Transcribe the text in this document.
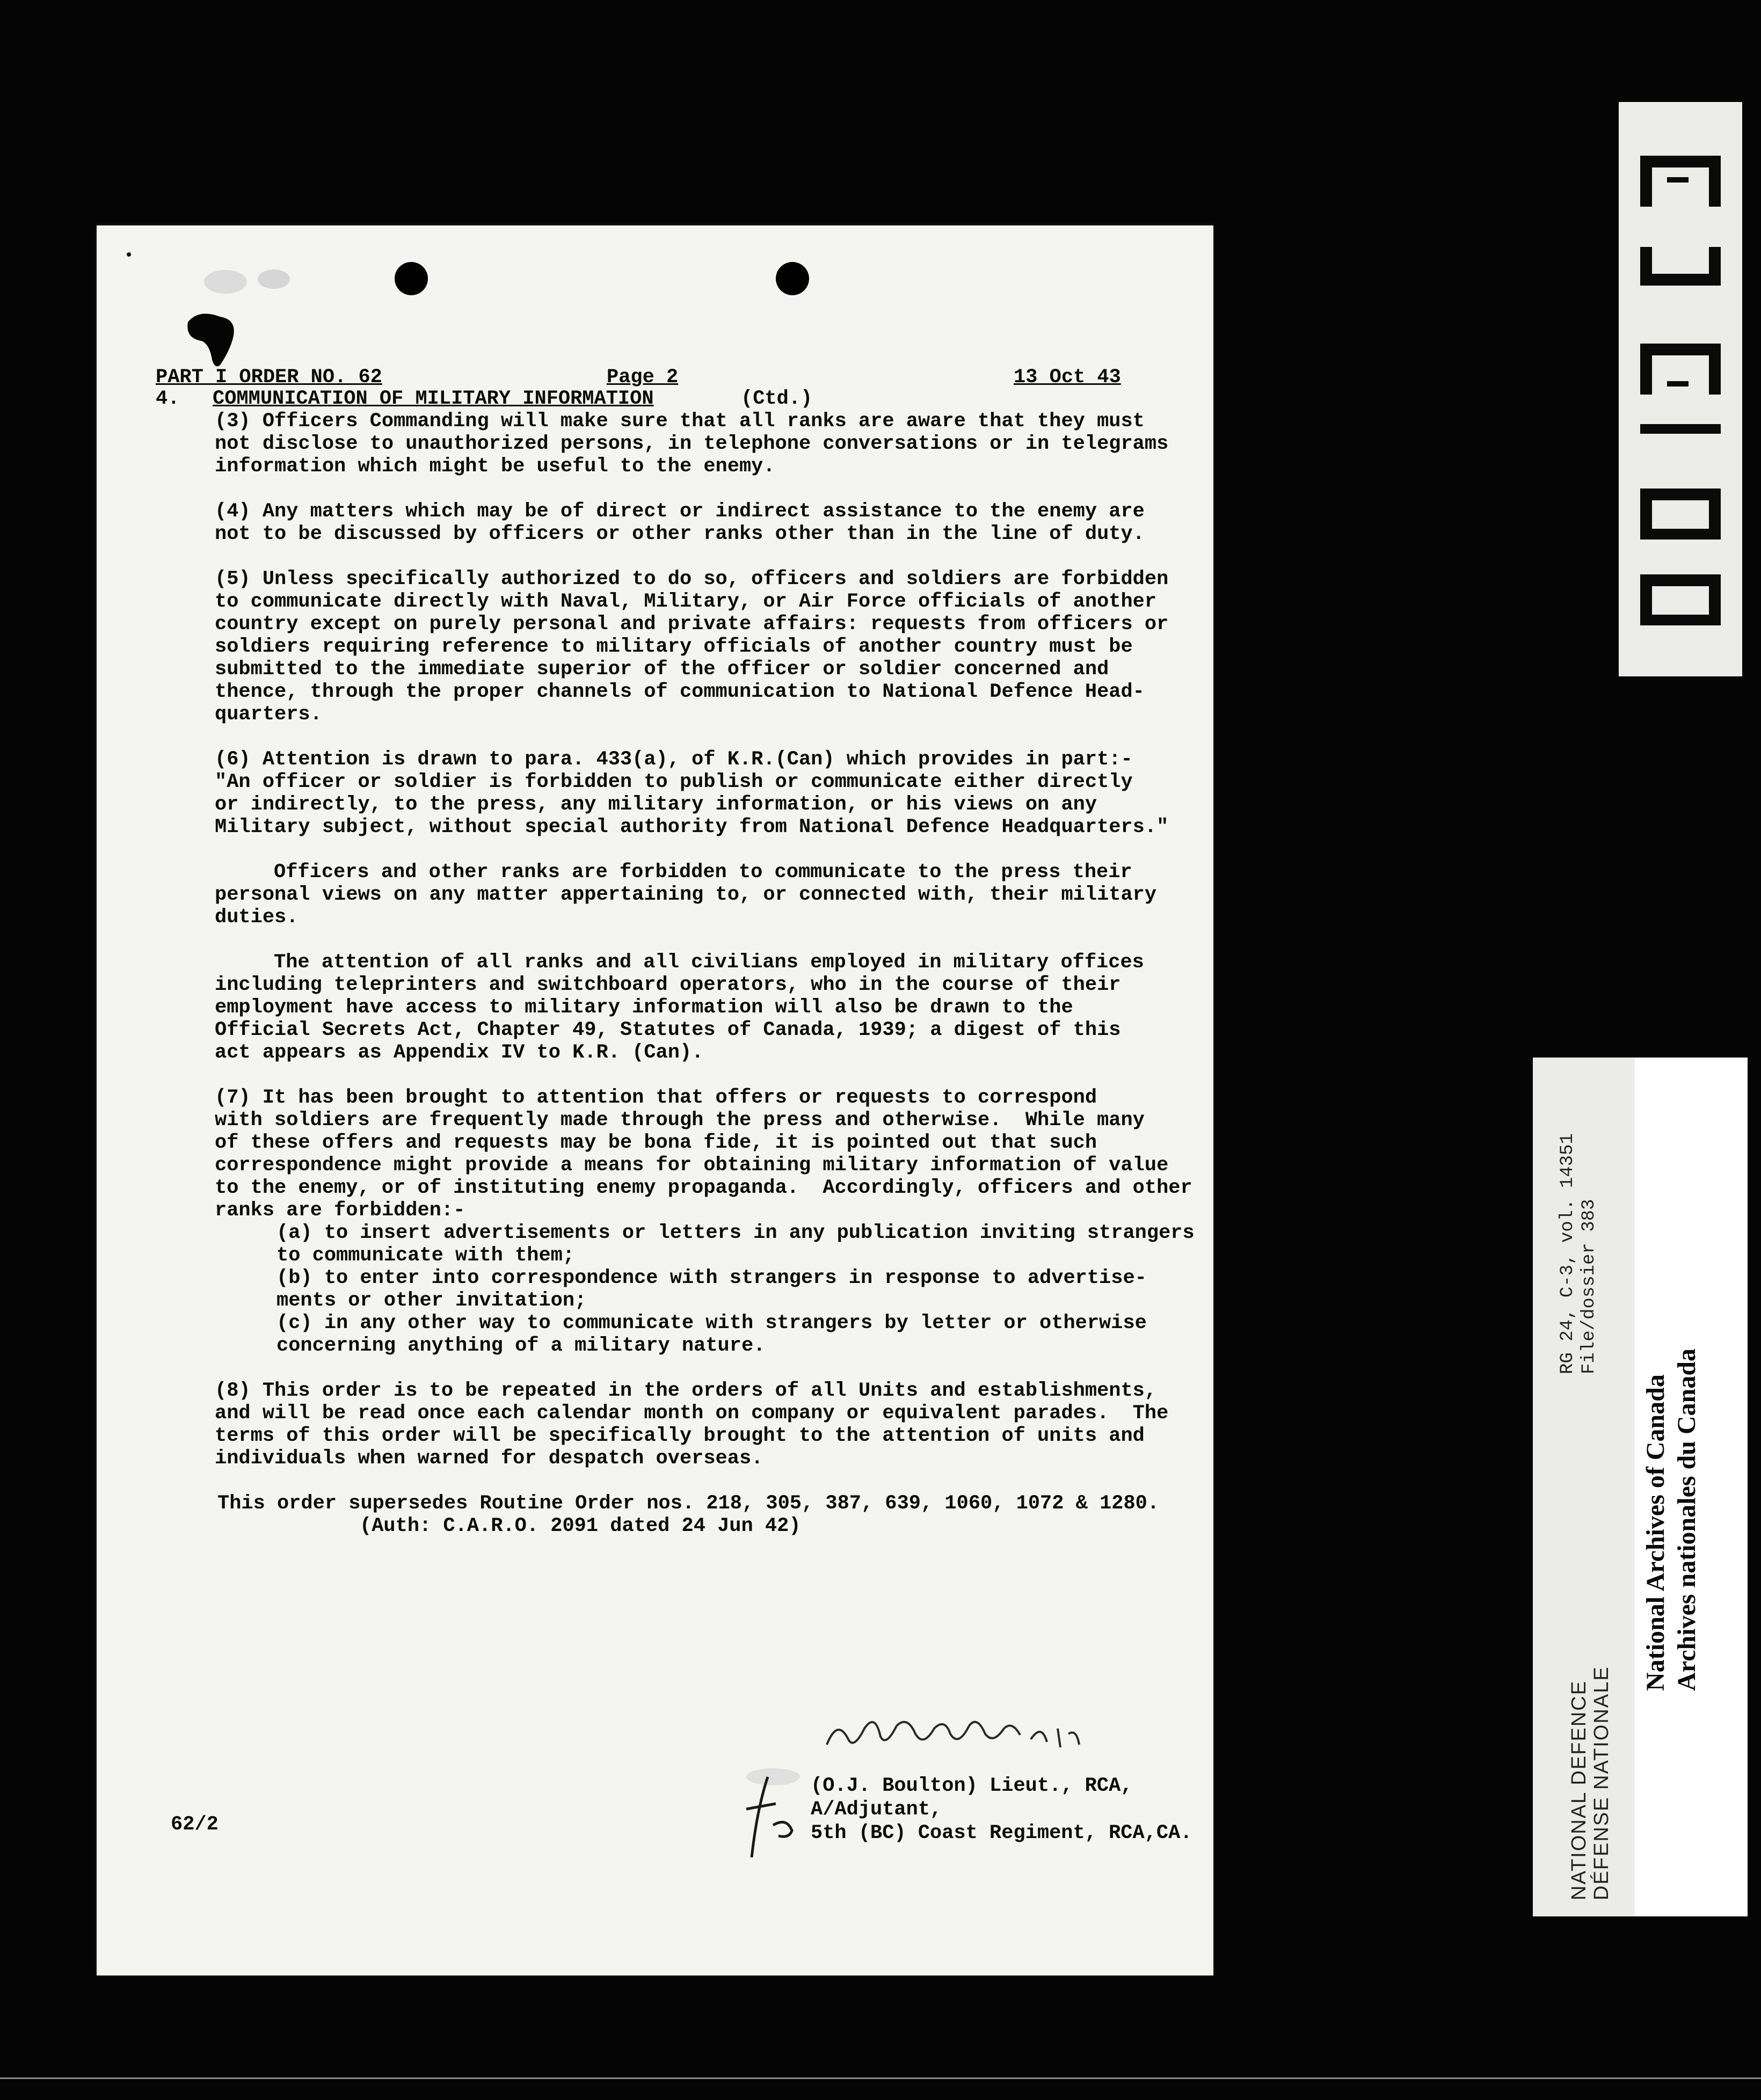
PART I ORDER NO. 62	Page 2	13 Oct 43
4. COMMUNICATION OF MILITARY INFORMATION	(Ctd.)
(3) Officers Commanding will make sure that all ranks are aware that they must
not disclose to unauthorized persons, in telephone conversations or in telegrams
information which might be useful to the enemy.
(4) Any matters which may be of direct or indirect assistance to the enemy are
not to be discussed by officers or other ranks other than in the line of duty.
(5) Unless specifically authorized to do so, officers and soldiers are forbidden
to communicate directly with Naval, Military, or Air Force officials of another
country except on purely personal and private affairs: requests from officers or
soldiers requiring reference to military officials of another country must be
submitted to the immediate superior of the officer or soldier concerned and
thence, through the proper channels of communication to National Defence Head-
quarters.
(6) Attention is drawn to para. 433(a), of K.R.(Can) which provides in part:-
"An officer or soldier is forbidden to publish or communicate either directly
or indirectly, to the press, any military information, or his views on any
Military subject, without special authority from National Defence Headquarters."
Officers and other ranks are forbidden to communicate to the press their
personal views on any matter appertaining to, or connected with, their military
duties.
The attention of all ranks and all civilians employed in military offices
including teleprinters and switchboard operators, who in the course of their
employment have access to military information will also be drawn to the
Official Secrets Act, Chapter 49, Statutes of Canada, 1939; a digest of this
act appears as Appendix IV to K.R. (Can).
(7) It has been brought to attention that offers or requests to correspond
with soldiers are frequently made through the press and otherwise.  While many
of these offers and requests may be bona fide, it is pointed out that such
correspondence might provide a means for obtaining military information of value
to the enemy, or of instituting enemy propaganda.  Accordingly, officers and other
ranks are forbidden:-
(a) to insert advertisements or letters in any publication inviting strangers
to communicate with them;
(b) to enter into correspondence with strangers in response to advertise-
ments or other invitation;
(c) in any other way to communicate with strangers by letter or otherwise
concerning anything of a military nature.
(8) This order is to be repeated in the orders of all Units and establishments,
and will be read once each calendar month on company or equivalent parades.  The
terms of this order will be specifically brought to the attention of units and
individuals when warned for despatch overseas.
This order supersedes Routine Order nos. 218, 305, 387, 639, 1060, 1072 & 1280.
(Auth: C.A.R.O. 2091 dated 24 Jun 42)
(O.J. Boulton) Lieut., RCA,
A/Adjutant,
5th (BC) Coast Regiment, RCA,CA.
62/2	NATIONAL DEFENCE DÉFENSE NATIONALE
RG 24, C-3, vol. 14351 File/dossier 383
National Archives of Canada Archives nationales du Canada
